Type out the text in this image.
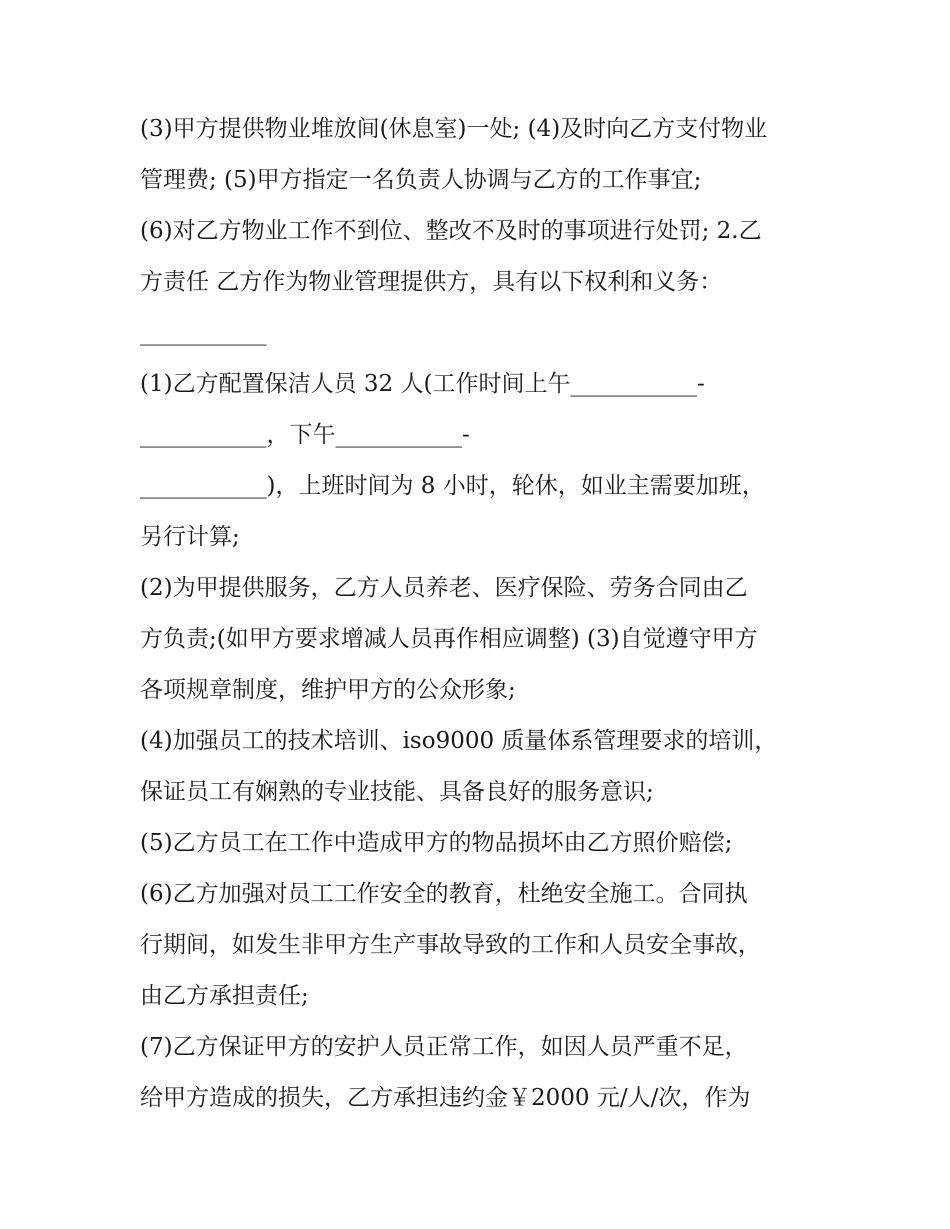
(3)甲方提供物业堆放间(休息室)一处; (4)及时向乙方支付物业
管理费; (5)甲方指定一名负责人协调与乙方的工作事宜;
(6)对乙方物业工作不到位、整改不及时的事项进行处罚; 2.乙
方责任 乙方作为物业管理提供方，具有以下权利和义务：
___________
(1)乙方配置保洁人员 32 人(工作时间上午___________-
___________，下午___________-
___________)，上班时间为 8 小时，轮休，如业主需要加班，
另行计算;
(2)为甲提供服务，乙方人员养老、医疗保险、劳务合同由乙
方负责;(如甲方要求增减人员再作相应调整) (3)自觉遵守甲方
各项规章制度，维护甲方的公众形象;
(4)加强员工的技术培训、iso9000 质量体系管理要求的培训，
保证员工有娴熟的专业技能、具备良好的服务意识;
(5)乙方员工在工作中造成甲方的物品损坏由乙方照价赔偿;
(6)乙方加强对员工工作安全的教育，杜绝安全施工。合同执
行期间，如发生非甲方生产事故导致的工作和人员安全事故，
由乙方承担责任;
(7)乙方保证甲方的安护人员正常工作，如因人员严重不足，
给甲方造成的损失，乙方承担违约金￥2000 元/人/次，作为
